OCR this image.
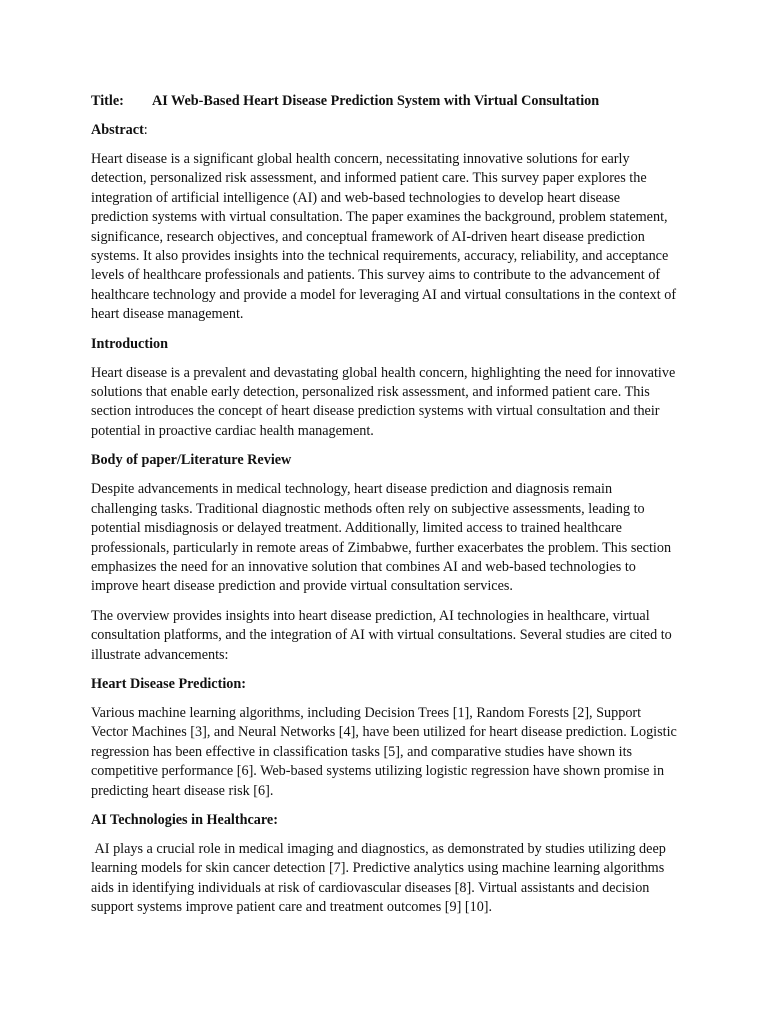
Title:	AI Web-Based Heart Disease Prediction System with Virtual Consultation
Abstract:

Heart disease is a significant global health concern, necessitating innovative solutions for early detection, personalized risk assessment, and informed patient care. This survey paper explores the integration of artificial intelligence (AI) and web-based technologies to develop heart disease prediction systems with virtual consultation. The paper examines the background, problem statement, significance, research objectives, and conceptual framework of AI-driven heart disease prediction systems. It also provides insights into the technical requirements, accuracy, reliability, and acceptance levels of healthcare professionals and patients. This survey aims to contribute to the advancement of healthcare technology and provide a model for leveraging AI and virtual consultations in the context of heart disease management.

Introduction

Heart disease is a prevalent and devastating global health concern, highlighting the need for innovative solutions that enable early detection, personalized risk assessment, and informed patient care. This section introduces the concept of heart disease prediction systems with virtual consultation and their potential in proactive cardiac health management.

Body of paper/Literature Review

Despite advancements in medical technology, heart disease prediction and diagnosis remain challenging tasks. Traditional diagnostic methods often rely on subjective assessments, leading to potential misdiagnosis or delayed treatment. Additionally, limited access to trained healthcare professionals, particularly in remote areas of Zimbabwe, further exacerbates the problem. This section emphasizes the need for an innovative solution that combines AI and web-based technologies to improve heart disease prediction and provide virtual consultation services.

The overview provides insights into heart disease prediction, AI technologies in healthcare, virtual consultation platforms, and the integration of AI with virtual consultations. Several studies are cited to illustrate advancements:

Heart Disease Prediction:

Various machine learning algorithms, including Decision Trees [1], Random Forests [2], Support Vector Machines [3], and Neural Networks [4], have been utilized for heart disease prediction. Logistic regression has been effective in classification tasks [5], and comparative studies have shown its competitive performance [6]. Web-based systems utilizing logistic regression have shown promise in predicting heart disease risk [6].

AI Technologies in Healthcare:

AI plays a crucial role in medical imaging and diagnostics, as demonstrated by studies utilizing deep learning models for skin cancer detection [7]. Predictive analytics using machine learning algorithms aids in identifying individuals at risk of cardiovascular diseases [8]. Virtual assistants and decision support systems improve patient care and treatment outcomes [9] [10].
